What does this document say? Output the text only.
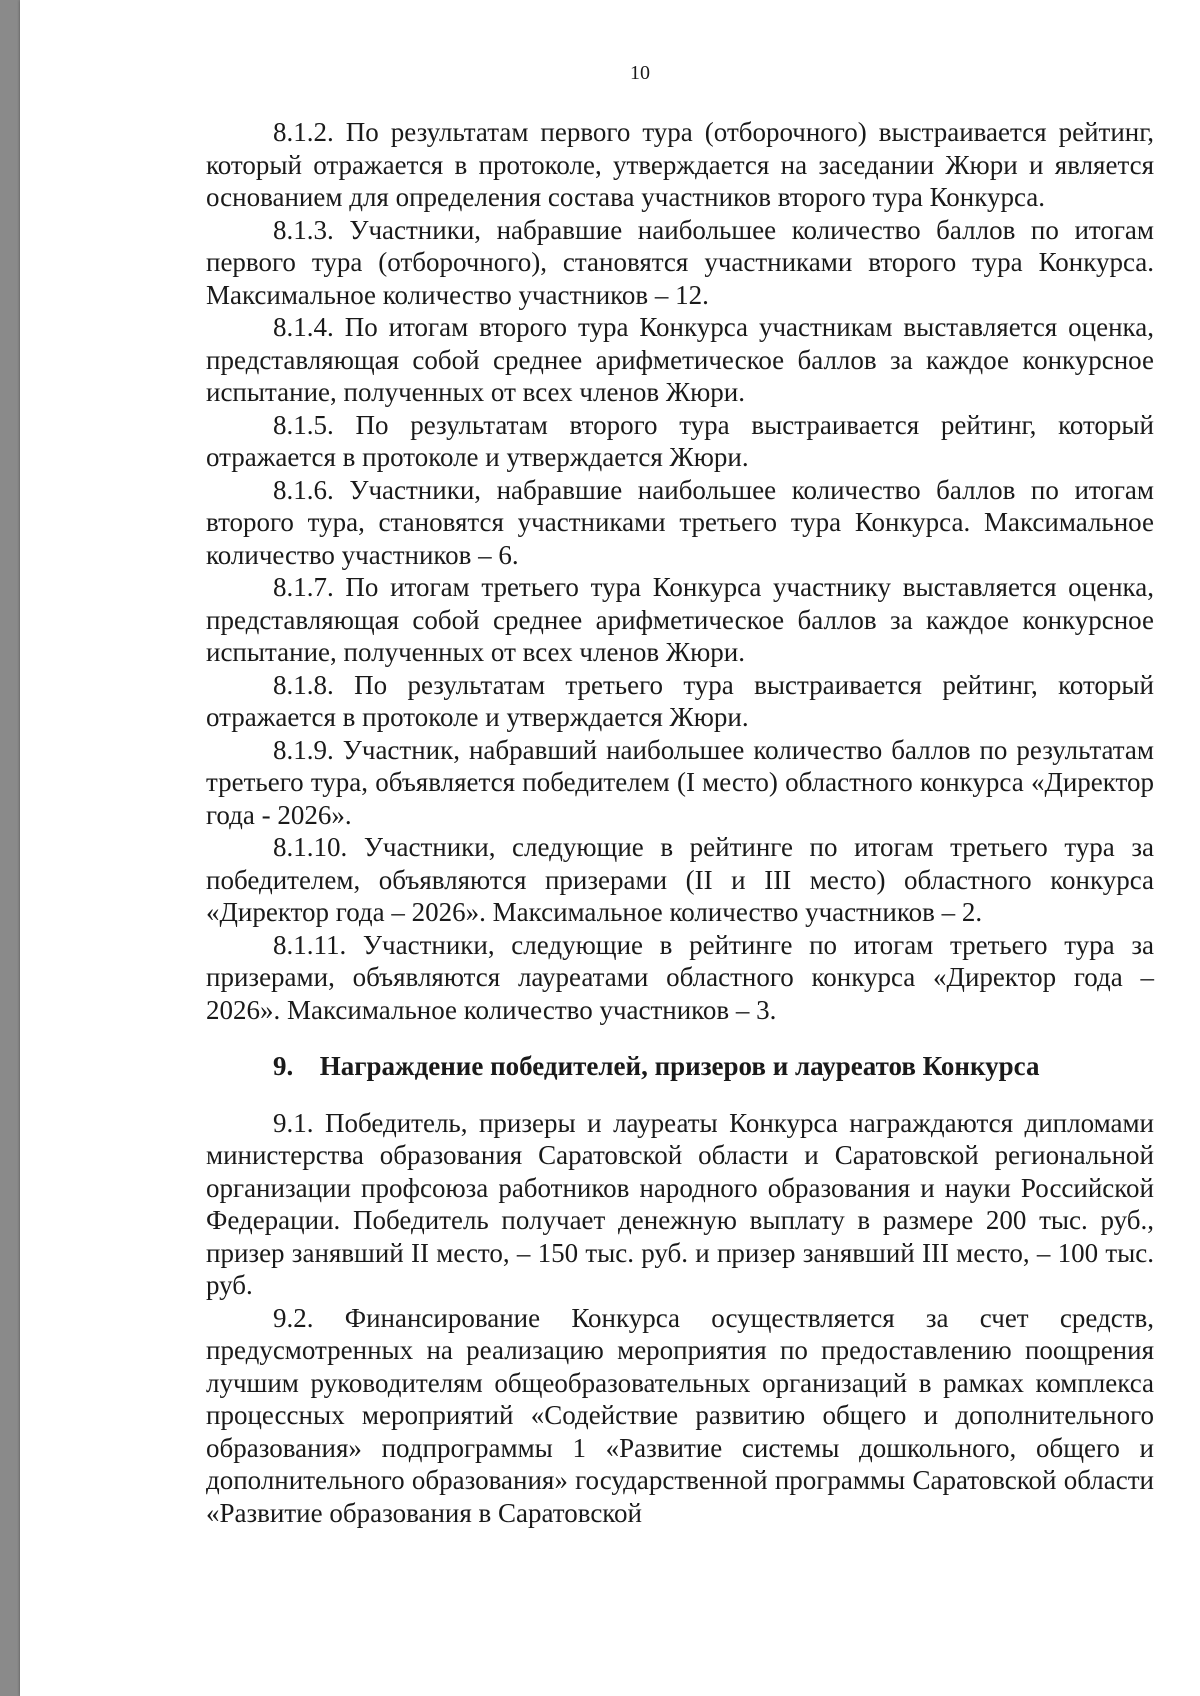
10

8.1.2. По результатам первого тура (отборочного) выстраивается рейтинг, который отражается в протоколе, утверждается на заседании Жюри и является основанием для определения состава участников второго тура Конкурса.

8.1.3. Участники, набравшие наибольшее количество баллов по итогам первого тура (отборочного), становятся участниками второго тура Конкурса. Максимальное количество участников – 12.

8.1.4. По итогам второго тура Конкурса участникам выставляется оценка, представляющая собой среднее арифметическое баллов за каждое конкурсное испытание, полученных от всех членов Жюри.

8.1.5. По результатам второго тура выстраивается рейтинг, который отражается в протоколе и утверждается Жюри.

8.1.6. Участники, набравшие наибольшее количество баллов по итогам второго тура, становятся участниками третьего тура Конкурса. Максимальное количество участников – 6.

8.1.7. По итогам третьего тура Конкурса участнику выставляется оценка, представляющая собой среднее арифметическое баллов за каждое конкурсное испытание, полученных от всех членов Жюри.

8.1.8. По результатам третьего тура выстраивается рейтинг, который отражается в протоколе и утверждается Жюри.

8.1.9. Участник, набравший наибольшее количество баллов по результатам третьего тура, объявляется победителем (I место) областного конкурса «Директор года - 2026».

8.1.10. Участники, следующие в рейтинге по итогам третьего тура за победителем, объявляются призерами (II и III место) областного конкурса «Директор года – 2026». Максимальное количество участников – 2.

8.1.11. Участники, следующие в рейтинге по итогам третьего тура за призерами, объявляются лауреатами областного конкурса «Директор года – 2026». Максимальное количество участников – 3.

9. Награждение победителей, призеров и лауреатов Конкурса

9.1. Победитель, призеры и лауреаты Конкурса награждаются дипломами министерства образования Саратовской области и Саратовской региональной организации профсоюза работников народного образования и науки Российской Федерации. Победитель получает денежную выплату в размере 200 тыс. руб., призер занявший II место, – 150 тыс. руб. и призер занявший III место, – 100 тыс. руб.

9.2. Финансирование Конкурса осуществляется за счет средств, предусмотренных на реализацию мероприятия по предоставлению поощрения лучшим руководителям общеобразовательных организаций в рамках комплекса процессных мероприятий «Содействие развитию общего и дополнительного образования» подпрограммы 1 «Развитие системы дошкольного, общего и дополнительного образования» государственной программы Саратовской области «Развитие образования в Саратовской
